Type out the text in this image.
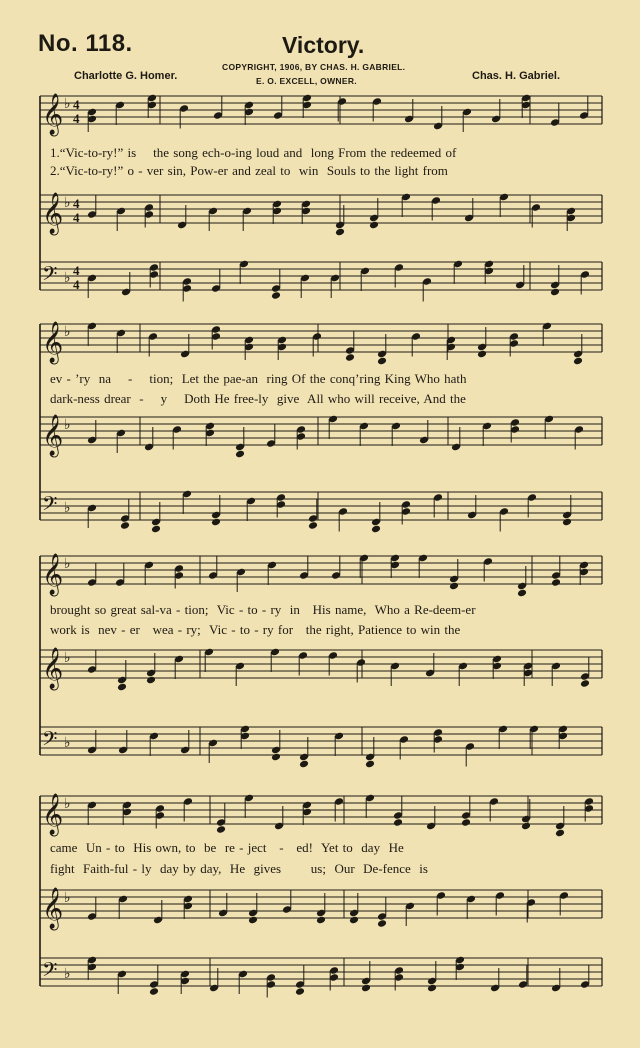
𝄞 ♭ 4
4
𝄞 ♭ 4
4
𝄢 ♭ 4
4
𝄞 ♭
𝄞 ♭
𝄢 ♭
𝄞 ♭
𝄞 ♭
𝄢 ♭
𝄞 ♭
𝄞 ♭
𝄢 ♭
No. 118.	Victory.
COPYRIGHT, 1906, BY CHAS. H. GABRIEL.
E. O. EXCELL, OWNER.
Charlotte G. Homer.	Chas. H. Gabriel.
1.“Vic-to-ry!” is    the song ech-o-ing loud and  long From the redeemed of
2.“Vic-to-ry!” o - ver sin, Pow-er and zeal to  win  Souls to the light from
ev - ’ry  na    -    tion;  Let the pae-an  ring Of the conq’ring King Who hath
dark-ness drear  -    y    Doth He free-ly  give  All who will receive, And the
brought so great sal-va - tion;  Vic - to - ry  in   His name,  Who a Re-deem-er
work is  nev - er   wea - ry;  Vic - to - ry for   the right, Patience to win the
came  Un - to  His own, to  be  re - ject   -   ed!  Yet to  day  He
fight  Faith-ful - ly  day by day,  He  gives       us;  Our  De-fence  is
